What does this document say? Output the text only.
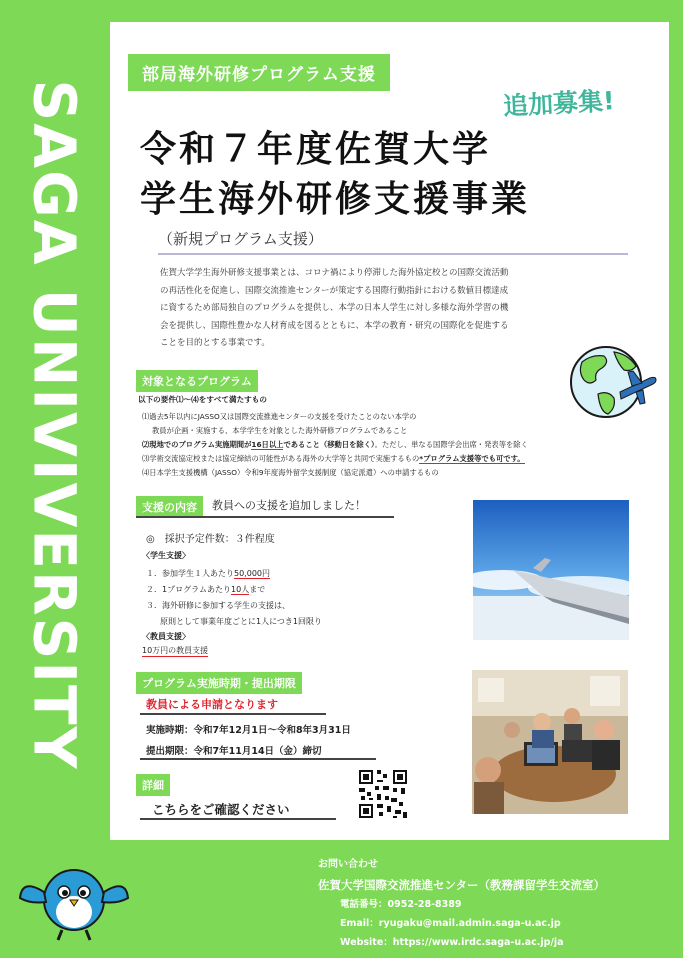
SAGA UNIVIVERSITY
部局海外研修プログラム支援
追加募集!
令和７年度佐賀大学
学生海外研修支援事業
（新規プログラム支援）
佐賀大学学生海外研修支援事業とは、コロナ禍により停滞した海外協定校との国際交流活動
の再活性化を促進し、国際交流推進センターが策定する国際行動指針における数値目標達成
に資するため部局独自のプログラムを提供し、本学の日本人学生に対し多様な海外学習の機
会を提供し、国際性豊かな人材育成を図るとともに、本学の教育・研究の国際化を促進する
ことを目的とする事業です。
対象となるプログラム
以下の要件⑴～⑷をすべて満たすもの
⑴過去5年以内にJASSO又は国際交流推進センターの支援を受けたことのない本学の
教員が企画・実施する、本学学生を対象とした海外研修プログラムであること
⑵現地でのプログラム実施期間が16日以上であること（移動日を除く）。ただし、単なる国際学会出席・発表等を除く
⑶学術交流協定校または協定締結の可能性がある海外の大学等と共同で実施するもの*プログラム支援等でも可です。
⑷日本学生支援機構（JASSO）令和9年度海外留学支援制度（協定派遣）への申請するもの
支援の内容	教員への支援を追加しました！
◎　採択予定件数：３件程度
〈学生支援〉
１．参加学生１人あたり50,000円
２．1プログラムあたり10人まで
３．海外研修に参加する学生の支援は、
原則として事業年度ごとに1人につき1回限り
〈教員支援〉
10万円の教員支援
プログラム実施時期・提出期限
教員による申請となります
実施時期：令和7年12月1日～令和8年3月31日
提出期限：令和7年11月14日（金）締切
詳細
こちらをご確認ください
お問い合わせ
佐賀大学国際交流推進センター（教務課留学生交流室）
電話番号：0952-28-8389
Email：ryugaku@mail.admin.saga-u.ac.jp
Website：https://www.irdc.saga-u.ac.jp/ja
